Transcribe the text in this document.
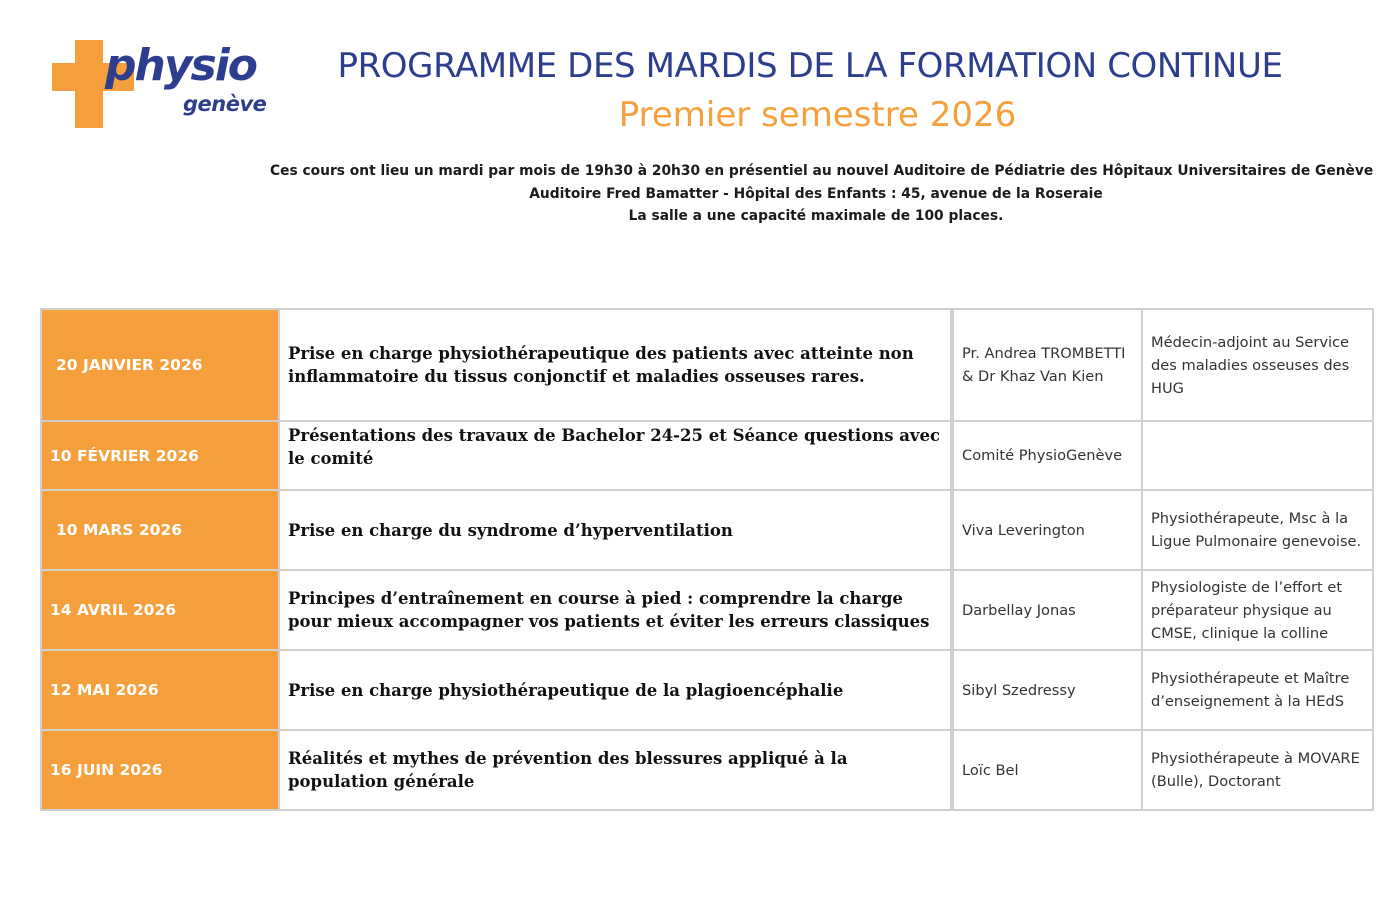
physio
genève
PROGRAMME DES MARDIS DE LA FORMATION CONTINUE
Premier semestre 2026
Ces cours ont lieu un mardi par mois de 19h30 à 20h30 en présentiel au nouvel Auditoire de Pédiatrie des Hôpitaux Universitaires de Genève
Auditoire Fred Bamatter - Hôpital des Enfants : 45, avenue de la Roseraie
La salle a une capacité maximale de 100 places.
20 JANVIER 2026	Prise en charge physiothérapeutique des patients avec atteinte non inflammatoire du tissus conjonctif et maladies osseuses rares.	Pr. Andrea TROMBETTI & Dr Khaz Van Kien	Médecin-adjoint au Service des maladies osseuses des HUG
10 FÉVRIER 2026	Présentations des travaux de Bachelor 24-25 et Séance questions avec le comité	Comité PhysioGenève	
10 MARS 2026	Prise en charge du syndrome d’hyperventilation	Viva Leverington	Physiothérapeute, Msc à la Ligue Pulmonaire genevoise.
14 AVRIL 2026	Principes d’entraînement en course à pied : comprendre la charge pour mieux accompagner vos patients et éviter les erreurs classiques	Darbellay Jonas	Physiologiste de l’effort et préparateur physique au CMSE, clinique la colline
12 MAI 2026	Prise en charge physiothérapeutique de la plagioencéphalie	Sibyl Szedressy	Physiothérapeute et Maître d’enseignement à la HEdS
16 JUIN 2026	Réalités et mythes de prévention des blessures appliqué à la population générale	Loïc Bel	Physiothérapeute à MOVARE (Bulle), Doctorant
